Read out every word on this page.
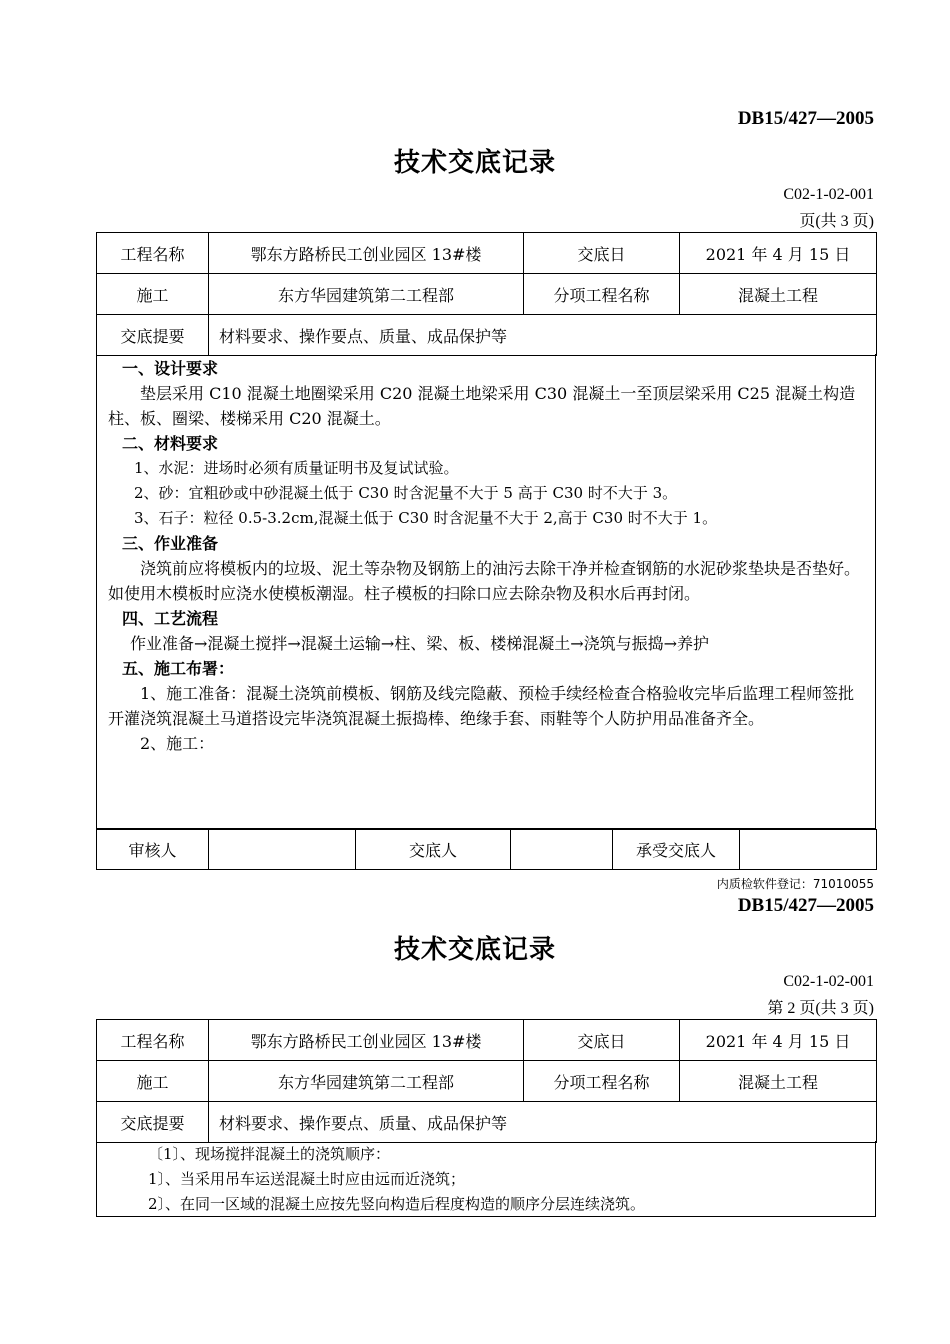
DB15/427—2005
技术交底记录
C02-1-02-001
页(共 3 页)
工程名称	鄂东方路桥民工创业园区 13#楼	交底日	2021 年 4 月 15 日
施工	东方华园建筑第二工程部	分项工程名称	混凝土工程
交底提要	材料要求、操作要点、质量、成品保护等		

一、设计要求

垫层采用 C10 混凝土地圈梁采用 C20 混凝土地梁采用 C30 混凝土一至顶层梁采用 C25 混凝土构造柱、板、圈梁、楼梯采用 C20 混凝土。

二、材料要求

1、水泥：进场时必须有质量证明书及复试试验。

2、砂：宜粗砂或中砂混凝土低于 C30 时含泥量不大于 5 高于 C30 时不大于 3。

3、石子：粒径 0.5-3.2cm,混凝土低于 C30 时含泥量不大于 2,高于 C30 时不大于 1。

三、作业准备

浇筑前应将模板内的垃圾、泥土等杂物及钢筋上的油污去除干净并检查钢筋的水泥砂浆垫块是否垫好。如使用木模板时应浇水使模板潮湿。柱子模板的扫除口应去除杂物及积水后再封闭。

四、工艺流程

作业准备→混凝土搅拌→混凝土运输→柱、梁、板、楼梯混凝土→浇筑与振捣→养护

五、施工布署：

1、施工准备：混凝土浇筑前模板、钢筋及线完隐蔽、预检手续经检查合格验收完毕后监理工程师签批开灌浇筑混凝土马道搭设完毕浇筑混凝土振捣棒、绝缘手套、雨鞋等个人防护用品准备齐全。

2、施工：

审核人		交底人		承受交底人	
内质检软件登记：71010055
DB15/427—2005
技术交底记录
C02-1-02-001
第 2 页(共 3 页)
工程名称	鄂东方路桥民工创业园区 13#楼	交底日	2021 年 4 月 15 日
施工	东方华园建筑第二工程部	分项工程名称	混凝土工程
交底提要	材料要求、操作要点、质量、成品保护等		

〔1〕、现场搅拌混凝土的浇筑顺序：

1〕、当采用吊车运送混凝土时应由远而近浇筑；

2〕、在同一区域的混凝土应按先竖向构造后程度构造的顺序分层连续浇筑。
